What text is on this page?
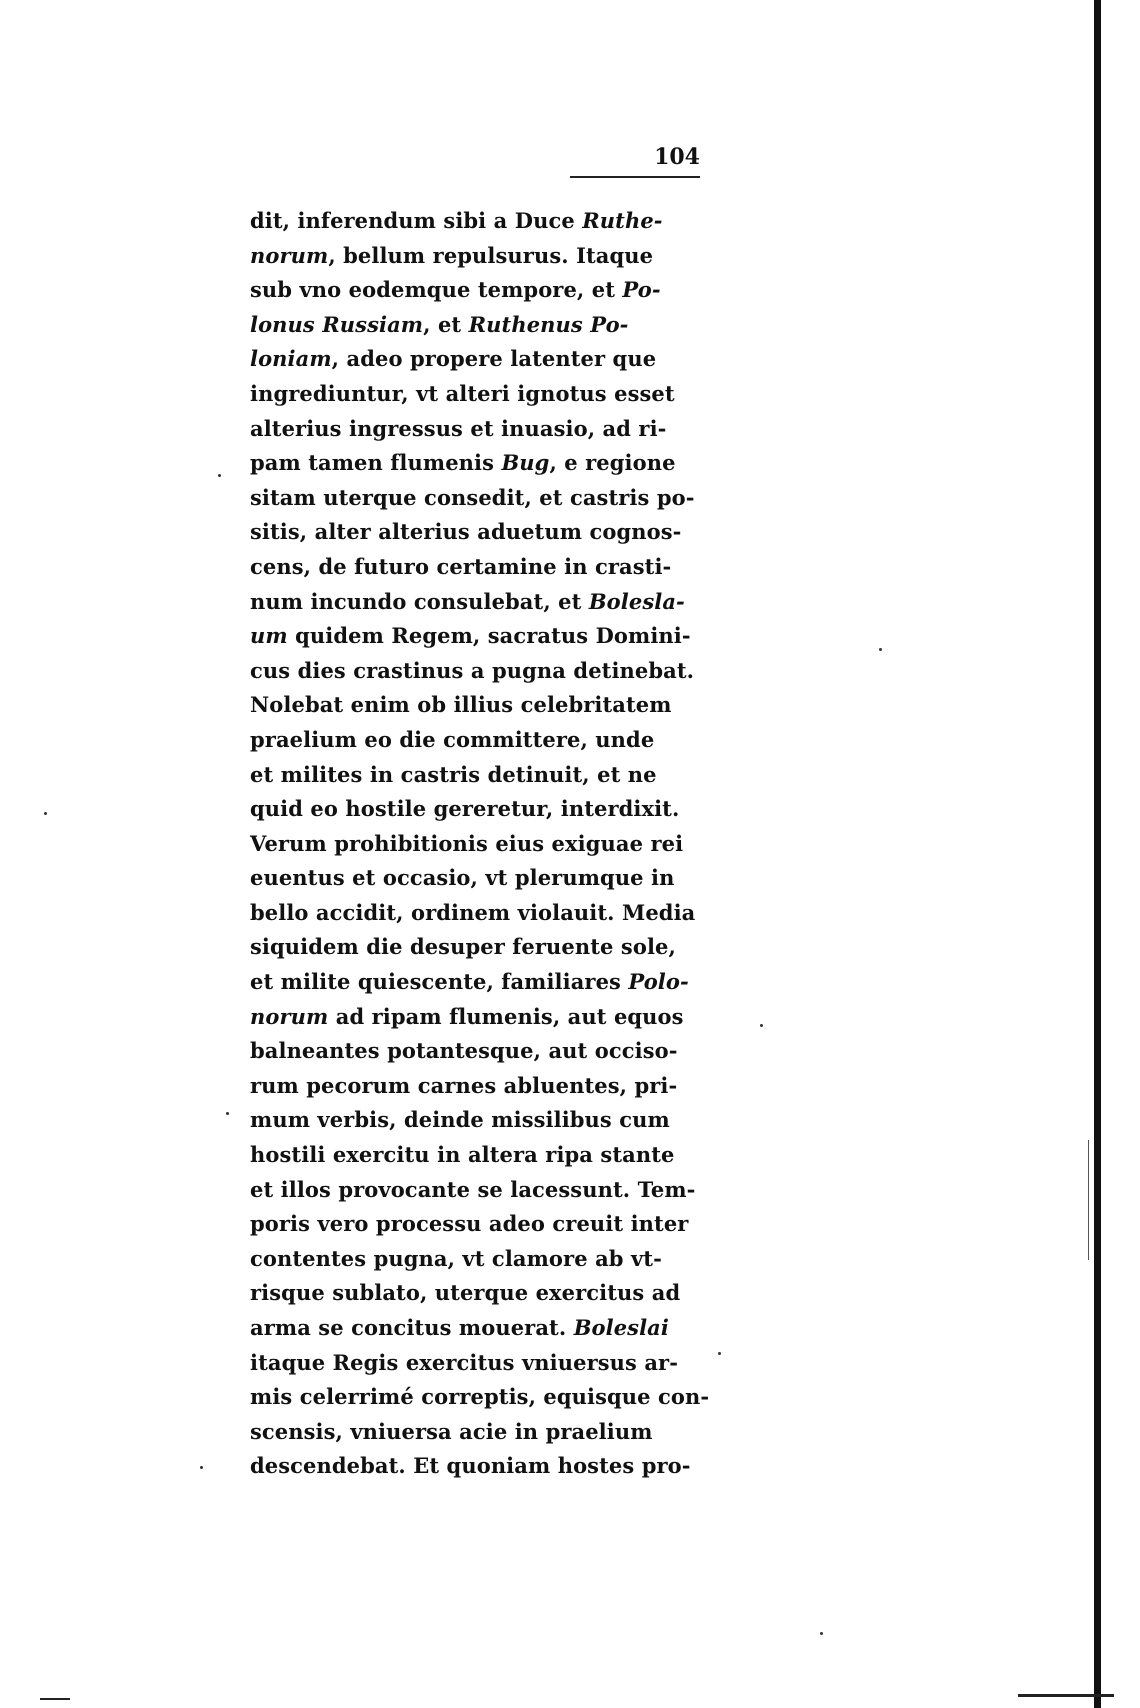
104
dit, inferendum sibi a Duce Ruthe-
norum, bellum repulsurus. Itaque
sub vno eodemque tempore, et Po-
lonus Russiam, et Ruthenus Po-
loniam, adeo propere latenter que
ingrediuntur, vt alteri ignotus esset
alterius ingressus et inuasio, ad ri-
pam tamen flumenis Bug, e regione
sitam uterque consedit, et castris po-
sitis, alter alterius aduetum cognos-
cens, de futuro certamine in crasti-
num incundo consulebat, et Bolesla-
um quidem Regem, sacratus Domini-
cus dies crastinus a pugna detinebat.
Nolebat enim ob illius celebritatem
praelium eo die committere, unde
et milites in castris detinuit, et ne
quid eo hostile gereretur, interdixit.
Verum prohibitionis eius exiguae rei
euentus et occasio, vt plerumque in
bello accidit, ordinem violauit. Media
siquidem die desuper feruente sole,
et milite quiescente, familiares Polo-
norum ad ripam flumenis, aut equos
balneantes potantesque, aut occiso-
rum pecorum carnes abluentes, pri-
mum verbis, deinde missilibus cum
hostili exercitu in altera ripa stante
et illos provocante se lacessunt. Tem-
poris vero processu adeo creuit inter
contentes pugna, vt clamore ab vt-
risque sublato, uterque exercitus ad
arma se concitus mouerat. Boleslai
itaque Regis exercitus vniuersus ar-
mis celerrimé correptis, equisque con-
scensis, vniuersa acie in praelium
descendebat. Et quoniam hostes pro-
